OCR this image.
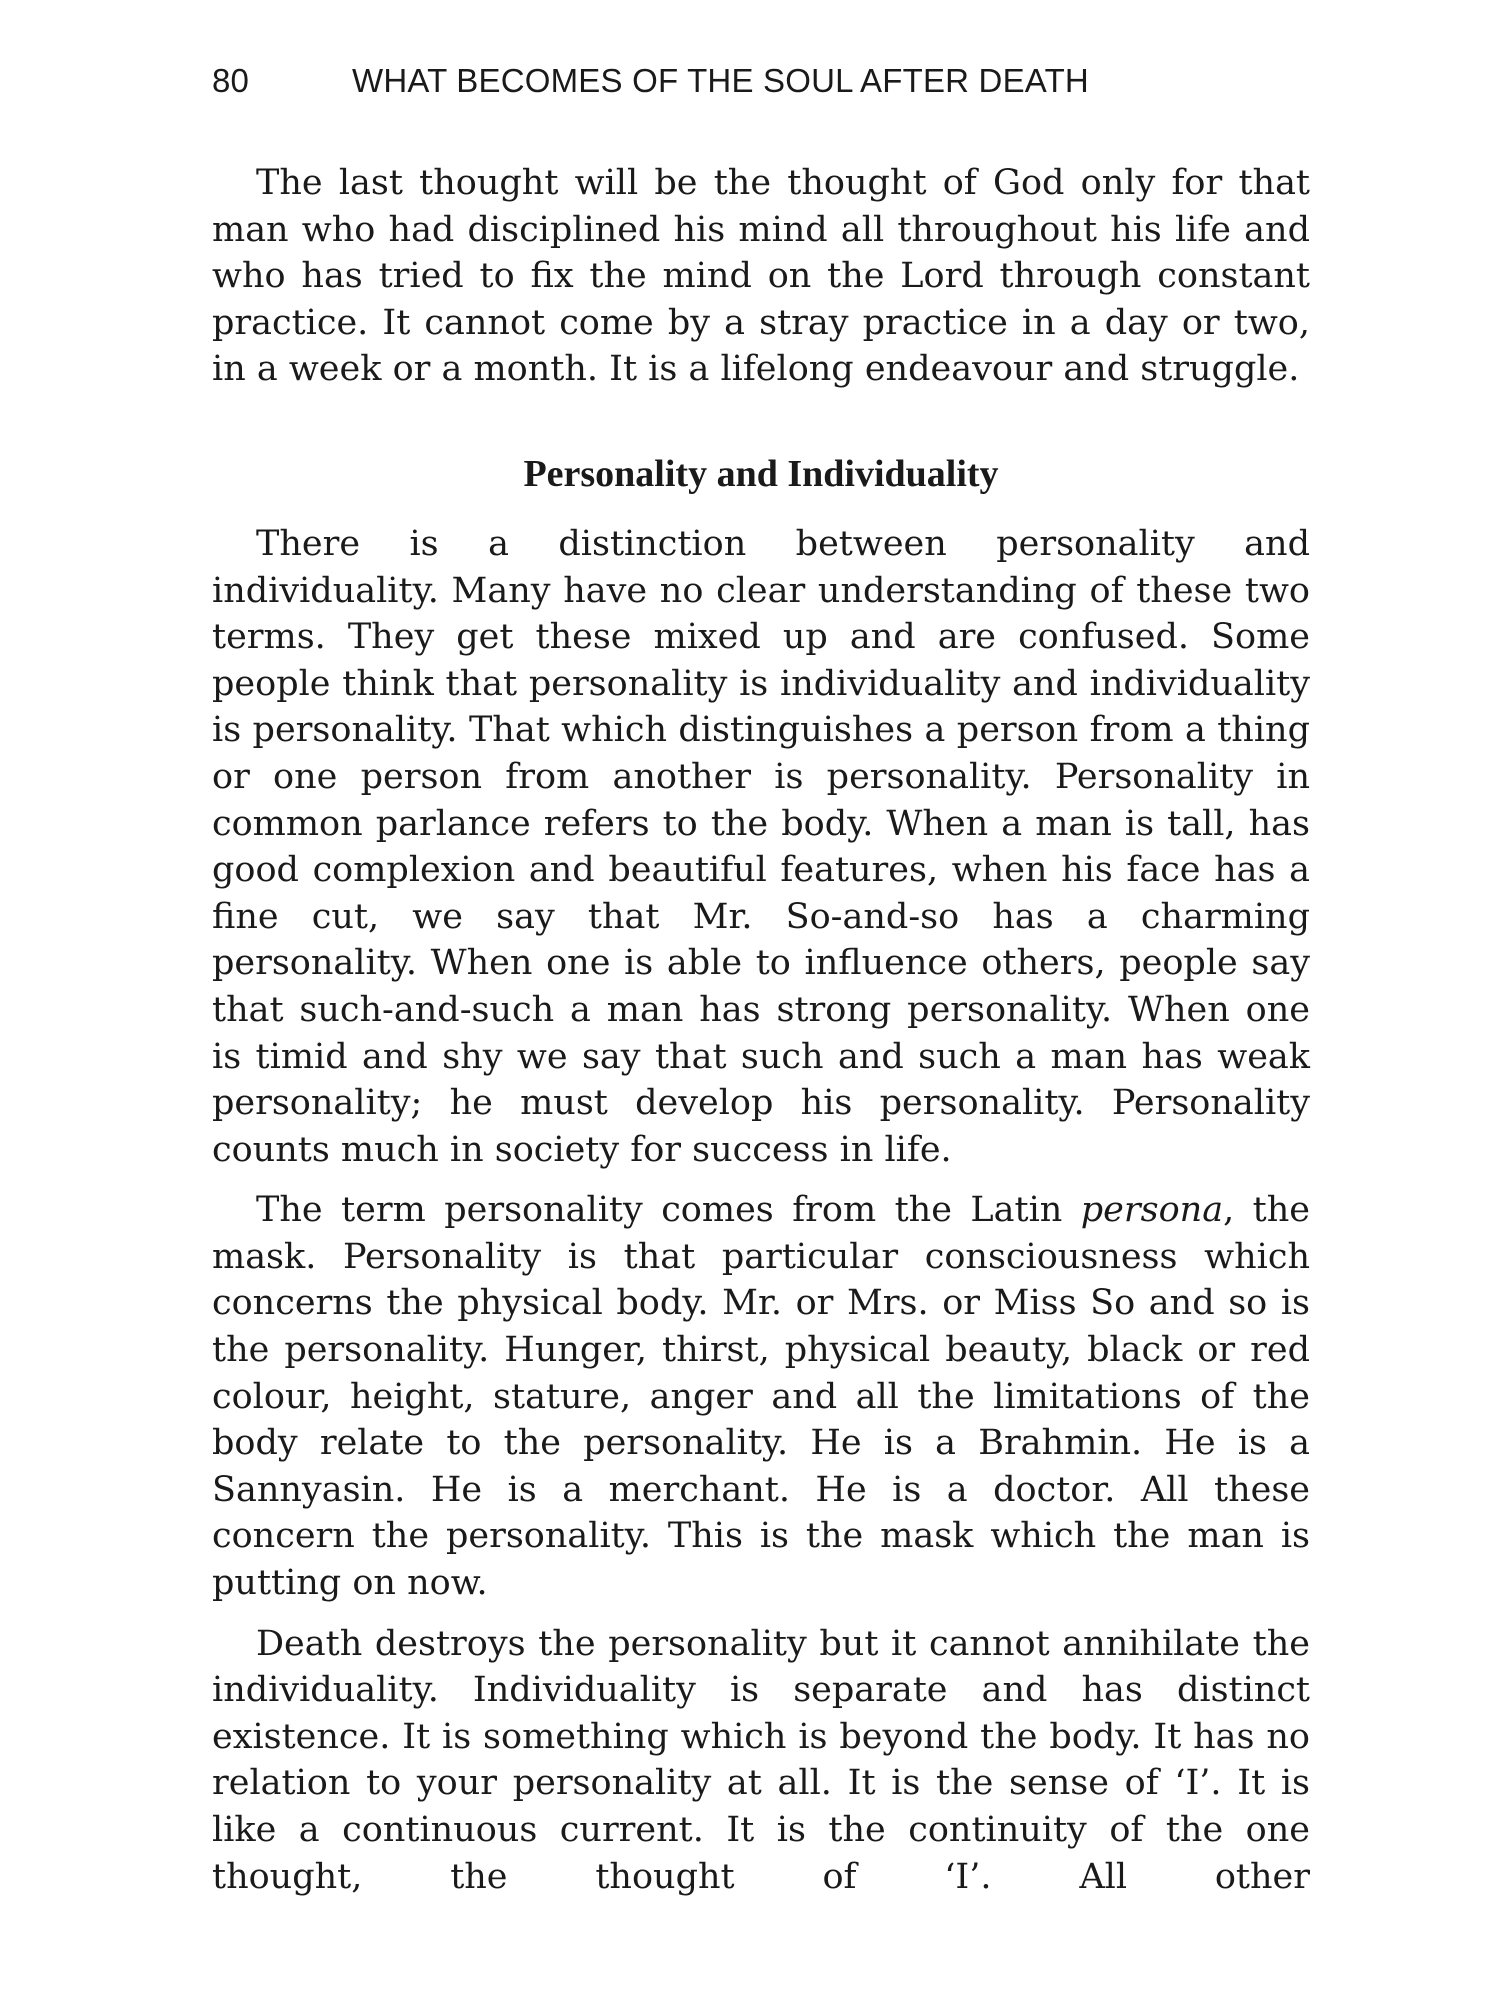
80	WHAT BECOMES OF THE SOUL AFTER DEATH

The last thought will be the thought of God only for that man who had disciplined his mind all throughout his life and who has tried to fix the mind on the Lord through constant practice. It cannot come by a stray practice in a day or two, in a week or a month. It is a lifelong endeavour and struggle.

Personality and Individuality

There is a distinction between personality and individuality. Many have no clear understanding of these two terms. They get these mixed up and are confused. Some people think that personality is individuality and individuality is personality. That which distinguishes a person from a thing or one person from another is personality. Personality in common parlance refers to the body. When a man is tall, has good complexion and beautiful features, when his face has a fine cut, we say that Mr. So-and-so has a charming personality. When one is able to influence others, people say that such-and-such a man has strong personality. When one is timid and shy we say that such and such a man has weak personality; he must develop his personality. Personality counts much in society for success in life.

The term personality comes from the Latin persona, the mask. Personality is that particular consciousness which concerns the physical body. Mr. or Mrs. or Miss So and so is the personality. Hunger, thirst, physical beauty, black or red colour, height, stature, anger and all the limitations of the body relate to the personality. He is a Brahmin. He is a Sannyasin. He is a merchant. He is a doctor. All these concern the personality. This is the mask which the man is putting on now.

Death destroys the personality but it cannot annihilate the individuality. Individuality is separate and has distinct existence. It is something which is beyond the body. It has no relation to your personality at all. It is the sense of ‘I’. It is like a continuous current. It is the continuity of the one thought, the thought of ‘I’. All other
